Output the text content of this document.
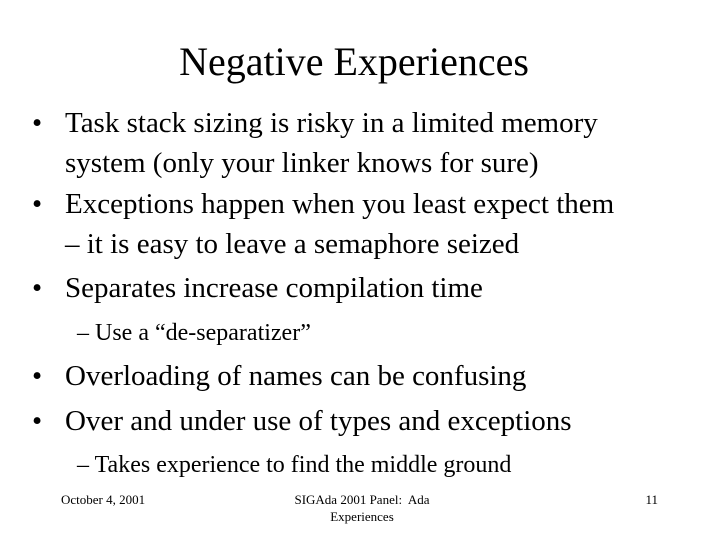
Negative Experiences
• Task stack sizing is risky in a limited memory
system (only your linker knows for sure)
• Exceptions happen when you least expect them
– it is easy to leave a semaphore seized
• Separates increase compilation time
– Use a “de-separatizer”
• Overloading of names can be confusing
• Over and under use of types and exceptions
– Takes experience to find the middle ground
October 4, 2001	SIGAda 2001 Panel:  Ada
Experiences
11
